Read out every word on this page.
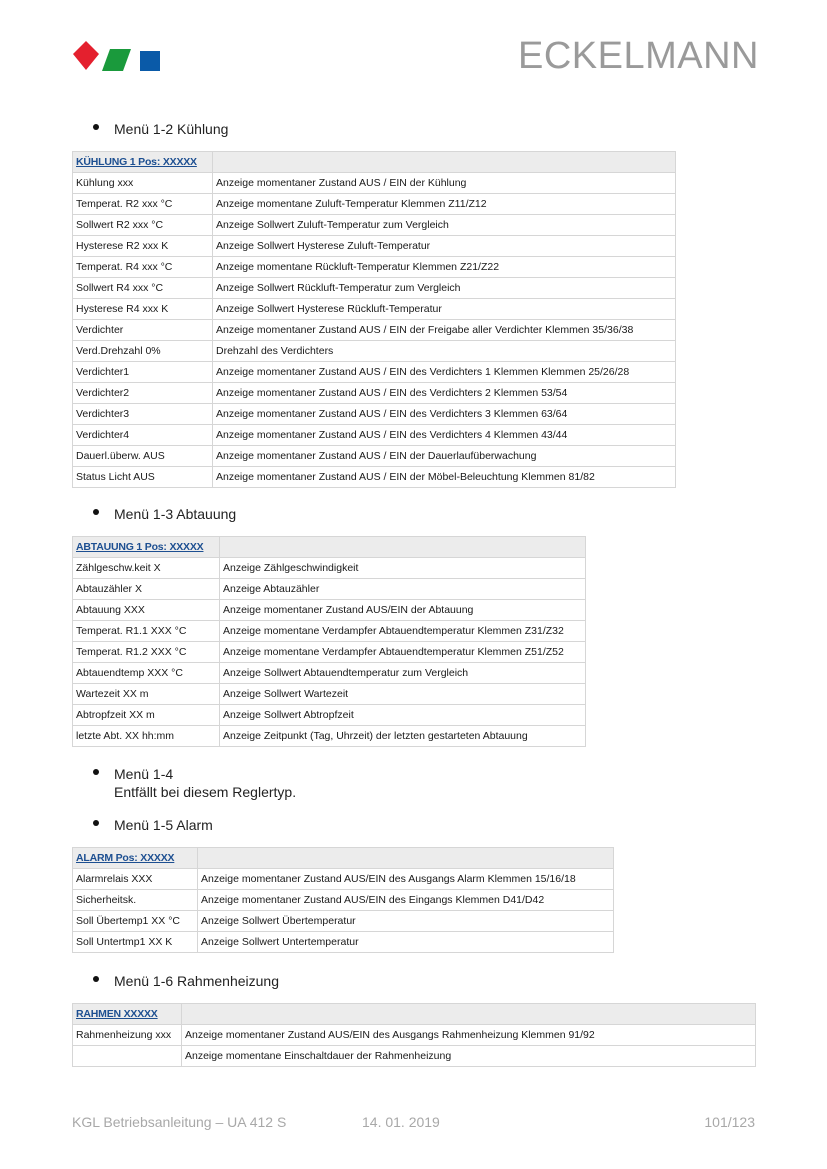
ECKELMANN
Menü 1-2 Kühlung
KÜHLUNG 1 Pos: XXXXX	
Kühlung xxx	Anzeige momentaner Zustand AUS / EIN der Kühlung
Temperat. R2 xxx °C	Anzeige momentane Zuluft-Temperatur Klemmen Z11/Z12
Sollwert R2 xxx °C	Anzeige Sollwert Zuluft-Temperatur zum Vergleich
Hysterese R2 xxx K	Anzeige Sollwert Hysterese Zuluft-Temperatur
Temperat. R4 xxx °C	Anzeige momentane Rückluft-Temperatur Klemmen Z21/Z22
Sollwert R4 xxx °C	Anzeige Sollwert Rückluft-Temperatur zum Vergleich
Hysterese R4 xxx K	Anzeige Sollwert Hysterese Rückluft-Temperatur
Verdichter	Anzeige momentaner Zustand AUS / EIN der Freigabe aller Verdichter Klemmen 35/36/38
Verd.Drehzahl 0%	Drehzahl des Verdichters
Verdichter1	Anzeige momentaner Zustand AUS / EIN des Verdichters 1 Klemmen Klemmen 25/26/28
Verdichter2	Anzeige momentaner Zustand AUS / EIN des Verdichters 2 Klemmen 53/54
Verdichter3	Anzeige momentaner Zustand AUS / EIN des Verdichters 3 Klemmen 63/64
Verdichter4	Anzeige momentaner Zustand AUS / EIN des Verdichters 4 Klemmen 43/44
Dauerl.überw. AUS	Anzeige momentaner Zustand AUS / EIN der Dauerlaufüberwachung
Status Licht AUS	Anzeige momentaner Zustand AUS / EIN der Möbel-Beleuchtung Klemmen 81/82
Menü 1-3 Abtauung
ABTAUUNG 1 Pos: XXXXX	
Zählgeschw.keit X	Anzeige Zählgeschwindigkeit
Abtauzähler X	Anzeige Abtauzähler
Abtauung XXX	Anzeige momentaner Zustand AUS/EIN der Abtauung
Temperat. R1.1 XXX °C	Anzeige momentane Verdampfer Abtauendtemperatur Klemmen Z31/Z32
Temperat. R1.2 XXX °C	Anzeige momentane Verdampfer Abtauendtemperatur Klemmen Z51/Z52
Abtauendtemp XXX °C	Anzeige Sollwert Abtauendtemperatur zum Vergleich
Wartezeit XX m	Anzeige Sollwert Wartezeit
Abtropfzeit XX m	Anzeige Sollwert Abtropfzeit
letzte Abt. XX hh:mm	Anzeige Zeitpunkt (Tag, Uhrzeit) der letzten gestarteten Abtauung
Menü 1-4
Entfällt bei diesem Reglertyp.
Menü 1-5 Alarm
ALARM Pos: XXXXX	
Alarmrelais XXX	Anzeige momentaner Zustand AUS/EIN des Ausgangs Alarm Klemmen 15/16/18
Sicherheitsk.	Anzeige momentaner Zustand AUS/EIN des Eingangs Klemmen D41/D42
Soll Übertemp1 XX °C	Anzeige Sollwert Übertemperatur
Soll Untertmp1 XX K	Anzeige Sollwert Untertemperatur
Menü 1-6 Rahmenheizung
RAHMEN XXXXX	
Rahmenheizung xxx	Anzeige momentaner Zustand AUS/EIN des Ausgangs Rahmenheizung Klemmen 91/92
	Anzeige momentane Einschaltdauer der Rahmenheizung
KGL Betriebsanleitung – UA 412 S	14. 01. 2019	101/123
